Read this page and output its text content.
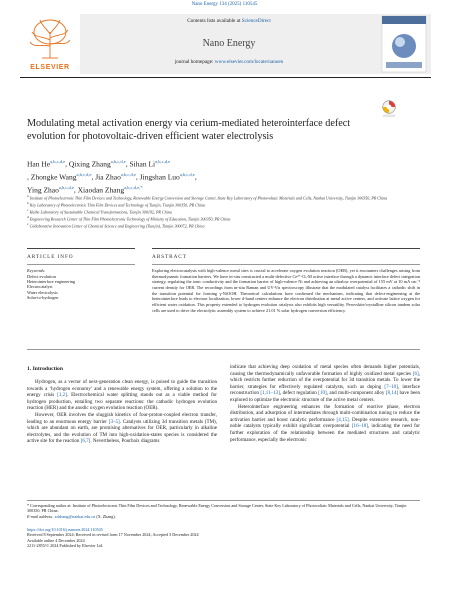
Nano Energy 134 (2025) 110545
ELSEVIER
Contents lists available at ScienceDirect
Nano Energy
journal homepage: www.elsevier.com/locate/nanoen
Modulating metal activation energy via cerium-mediated heterointerface defect evolution for photovoltaic-driven efficient water electrolysis
Han He$^{a,b,c,d,e}$, Qixing Zhang$^{a,b,c,d,e}$, Sihan Li$^{a,b,c,d,e}$
, Zhongke Wang$^{a,b,c,d,e}$, Jia Zhao$^{a,b,c,d,e}$, Jingshan Luo$^{a,b,c,d,e}$,
Ying Zhao$^{a,b,c,d,e}$, Xiaodan Zhang$^{a,b,c,d,e,*}$
$^a$ Institute of Photoelectronic Thin Film Devices and Technology, Renewable Energy Conversion and Storage Center, State Key Laboratory of Photovoltaic Materials and Cells, Nankai University, Tianjin 300350, PR China
$^b$ Key Laboratory of Photoelectronic Thin Film Devices and Technology of Tianjin, Tianjin 300350, PR China
$^c$ Haihe Laboratory of Sustainable Chemical Transformations, Tianjin 300192, PR China
$^d$ Engineering Research Center of Thin Film Photoelectronic Technology of Ministry of Education, Tianjin 300350, PR China
$^e$ Collaborative Innovation Center of Chemical Science and Engineering (Tianjin), Tianjin 300072, PR China
ARTICLE INFO
Keywords:
Defect evolution
Heterointerface engineering
Electrocatalyst
Water electrolysis
Solar-to-hydrogen
ABSTRACT
Exploring electrocatalysts with high-valence metal sites is crucial to accelerate oxygen evolution reaction (OER), yet it encounters challenges arising from thermodynamic formation barriers. We have in-situ constructed a multi-defective Ce³⁺-Oᵥ-M active interface through a dynamic interface defect integration strategy, regulating the ionic conductivity and the formation barrier of high-valence Ni and achieving an ultralow overpotential of 155 mV at 10 mA cm⁻² current density for OER. The recordings from in-situ Raman and UV-Vis spectroscopy illustrate that the modulated catalyst facilitates a cathodic shift in the transition potential for forming γ-NiOOH. Theoretical calculations have confirmed the mechanism, indicating that defect-engineering at the heterointerface leads to electron localization, lower d-band centers enhance the electron distribution at metal active centers, and activate lattice oxygen for efficient water oxidation. This property extended to hydrogen evolution catalysts also exhibits high versatility. Perovskite/crystalline silicon tandem solar cells are used to drive the electrolytic assembly system to achieve 21.01 % solar hydrogen conversion efficiency.
1. Introduction

Hydrogen, as a vector of next-generation clean energy, is poised to guide the transition towards a ‘hydrogen economy’ and a renewable energy system, offering a solution to the energy crisis [1,2]. Electrochemical water splitting stands out as a viable method for hydrogen production, entailing two separate reactions: the cathodic hydrogen evolution reaction (HER) and the anodic oxygen evolution reaction (OER).

However, OER involves the sluggish kinetics of four-proton-coupled electron transfer, leading to an enormous energy barrier [3–5]. Catalysts utilizing 3d transition metals (TM), which are abundant on earth, are promising alternatives for OER, particularly in alkaline electrolytes, and the evolution of TM into high-oxidation-states species is considered the active site for the reaction [6,7]. Nevertheless, Pourbaix diagrams

indicate that achieving deep oxidation of metal species often demands higher potentials, causing the thermodynamically unfavorable formation of highly oxidized metal species [6], which restricts further reduction of the overpotential for 3d transition metals. To lower the barrier, strategies for effectively regulated catalysts, such as doping [7–10], interface reconstruction [1,11–13], defect regulation [10], and multi-component alloy [8,14] have been explored to optimize the electronic structure of the active metal centers.

Heterointerface engineering enhances the formation of reactive phase, electron distribution, and adsorption of intermediates through multi-combination tuning to reduce the activation barrier and boost catalytic performance [4,15]. Despite extensive research, non-noble catalysts typically exhibit significant overpotential [16–18], indicating the need for further exploration of the relationship between the mediated structures and catalytic performance, especially the electronic

* Corresponding author at: Institute of Photoelectronic Thin Film Devices and Technology, Renewable Energy Conversion and Storage Center, State Key Laboratory of Photovoltaic Materials and Cells, Nankai University, Tianjin 300350, PR China.
E-mail address: xdzhang@nankai.edu.cn (X. Zhang).
https://doi.org/10.1016/j.nanoen.2024.110545
Received 8 September 2024; Received in revised form 17 November 2024; Accepted 3 December 2024
Available online 4 December 2024
2211-2855/© 2024 Published by Elsevier Ltd.
